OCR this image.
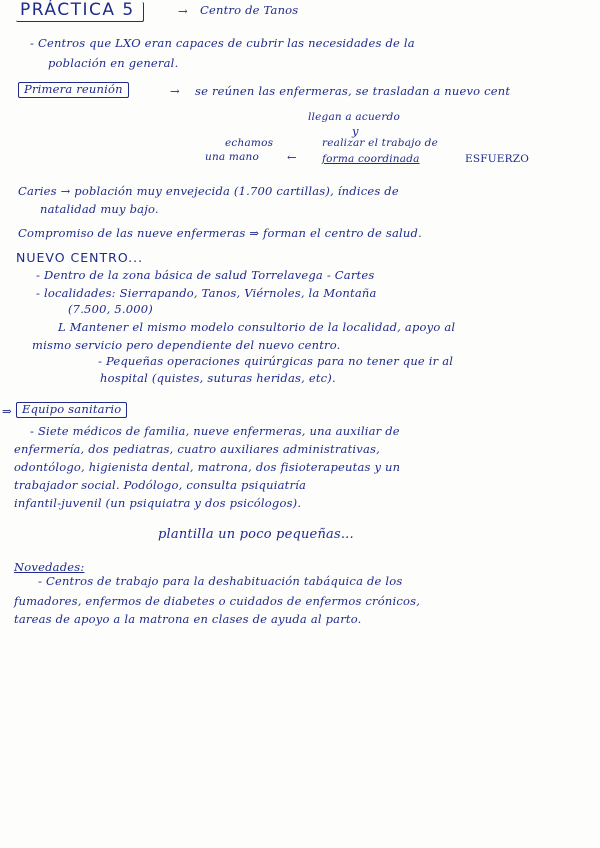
PRÁCTICA 5	→ Centro de Tanos
- Centros que LXO eran capaces de cubrir las necesidades de la
población en general.
Primera reunión	→ se reúnen las enfermeras, se trasladan a nuevo cent
llegan a acuerdo
y
echamos
una mano ←
realizar el trabajo de
forma coordinada	ESFUERZO
Caries → población muy envejecida (1.700 cartillas), índices de
natalidad muy bajo.
Compromiso de las nueve enfermeras ⇒ forman el centro de salud.
NUEVO CENTRO...
- Dentro de la zona básica de salud Torrelavega - Cartes
- localidades: Sierrapando, Tanos, Viérnoles, la Montaña
(7.500, 5.000)
L Mantener el mismo modelo consultorio de la localidad, apoyo al
mismo servicio pero dependiente del nuevo centro.
- Pequeñas operaciones quirúrgicas para no tener que ir al
hospital (quistes, suturas heridas, etc).
⇒ Equipo sanitario
- Siete médicos de familia, nueve enfermeras, una auxiliar de
enfermería, dos pediatras, cuatro auxiliares administrativas,
odontólogo, higienista dental, matrona, dos fisioterapeutas y un
trabajador social. Podólogo, consulta psiquiatría
infantil-juvenil (un psiquiatra y dos psicólogos).
plantilla un poco pequeñas...
Novedades:
- Centros de trabajo para la deshabituación tabáquica de los
fumadores, enfermos de diabetes o cuidados de enfermos crónicos,
tareas de apoyo a la matrona en clases de ayuda al parto.
